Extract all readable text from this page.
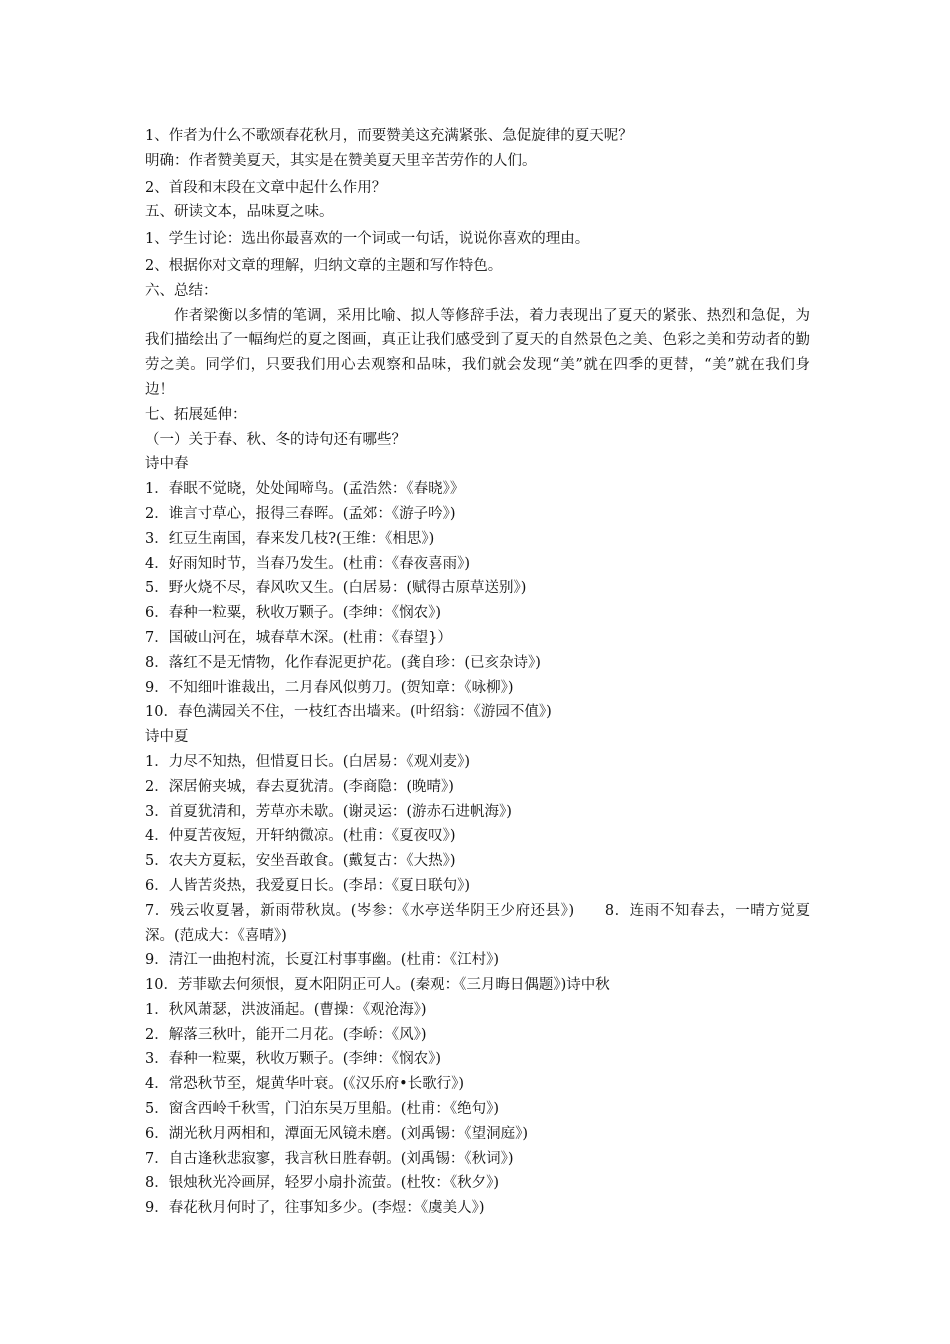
1、作者为什么不歌颂春花秋月，而要赞美这充满紧张、急促旋律的夏天呢？
明确：作者赞美夏天，其实是在赞美夏天里辛苦劳作的人们。
2、首段和末段在文章中起什么作用？
五、研读文本，品味夏之味。
1、学生讨论：选出你最喜欢的一个词或一句话，说说你喜欢的理由。
2、根据你对文章的理解，归纳文章的主题和写作特色。
六、总结：
作者梁衡以多情的笔调，采用比喻、拟人等修辞手法，着力表现出了夏天的紧张、热烈和急促，为我们描绘出了一幅绚烂的夏之图画，真正让我们感受到了夏天的自然景色之美、色彩之美和劳动者的勤劳之美。同学们，只要我们用心去观察和品味，我们就会发现“美”就在四季的更替，“美”就在我们身边！
七、拓展延伸：
（一）关于春、秋、冬的诗句还有哪些？
诗中春
1．春眠不觉晓，处处闻啼鸟。(孟浩然：《春晓》》
2．谁言寸草心，报得三春晖。(孟郊：《游子吟》)
3．红豆生南国，春来发几枝?(王维：《相思》)
4．好雨知时节，当春乃发生。(杜甫：《春夜喜雨》)
5．野火烧不尽，春风吹又生。(白居易：(赋得古原草送别》)
6．春种一粒粟，秋收万颗子。(李绅：《悯农》)
7．国破山河在，城春草木深。(杜甫：《春望}）
8．落红不是无情物，化作春泥更护花。(龚自珍：(已亥杂诗》)
9．不知细叶谁裁出，二月春风似剪刀。(贺知章：《咏柳》)
10．春色满园关不住，一枝红杏出墙来。(叶绍翁：《游园不值》)
诗中夏
1．力尽不知热，但惜夏日长。(白居易：《观刈麦》)
2．深居俯夹城，春去夏犹清。(李商隐：(晚晴》)
3．首夏犹清和，芳草亦未歇。(谢灵运：(游赤石进帆海》)
4．仲夏苦夜短，开轩纳微凉。(杜甫：《夏夜叹》)
5．农夫方夏耘，安坐吾敢食。(戴复古：《大热》)
6．人皆苦炎热，我爱夏日长。(李昂：《夏日联句》)
7．残云收夏暑，新雨带秋岚。(岑参：《水亭送华阴王少府还县》)　　8．连雨不知春去，一晴方觉夏深。(范成大：《喜晴》)
9．清江一曲抱村流，长夏江村事事幽。(杜甫：《江村》)
10．芳菲歇去何须恨，夏木阳阴正可人。(秦观：《三月晦日偶题》)诗中秋
1．秋风萧瑟，洪波涌起。(曹操：《观沧海》)
2．解落三秋叶，能开二月花。(李峤：《风》)
3．春种一粒粟，秋收万颗子。(李绅：《悯农》)
4．常恐秋节至，焜黄华叶衰。(《汉乐府•长歌行》)
5．窗含西岭千秋雪，门泊东吴万里船。(杜甫：《绝句》)
6．湖光秋月两相和，潭面无风镜未磨。(刘禹锡：《望洞庭》)
7．自古逢秋悲寂寥，我言秋日胜春朝。(刘禹锡：《秋词》)
8．银烛秋光冷画屏，轻罗小扇扑流萤。(杜牧：《秋夕》)
9．春花秋月何时了，往事知多少。(李煜：《虞美人》)
